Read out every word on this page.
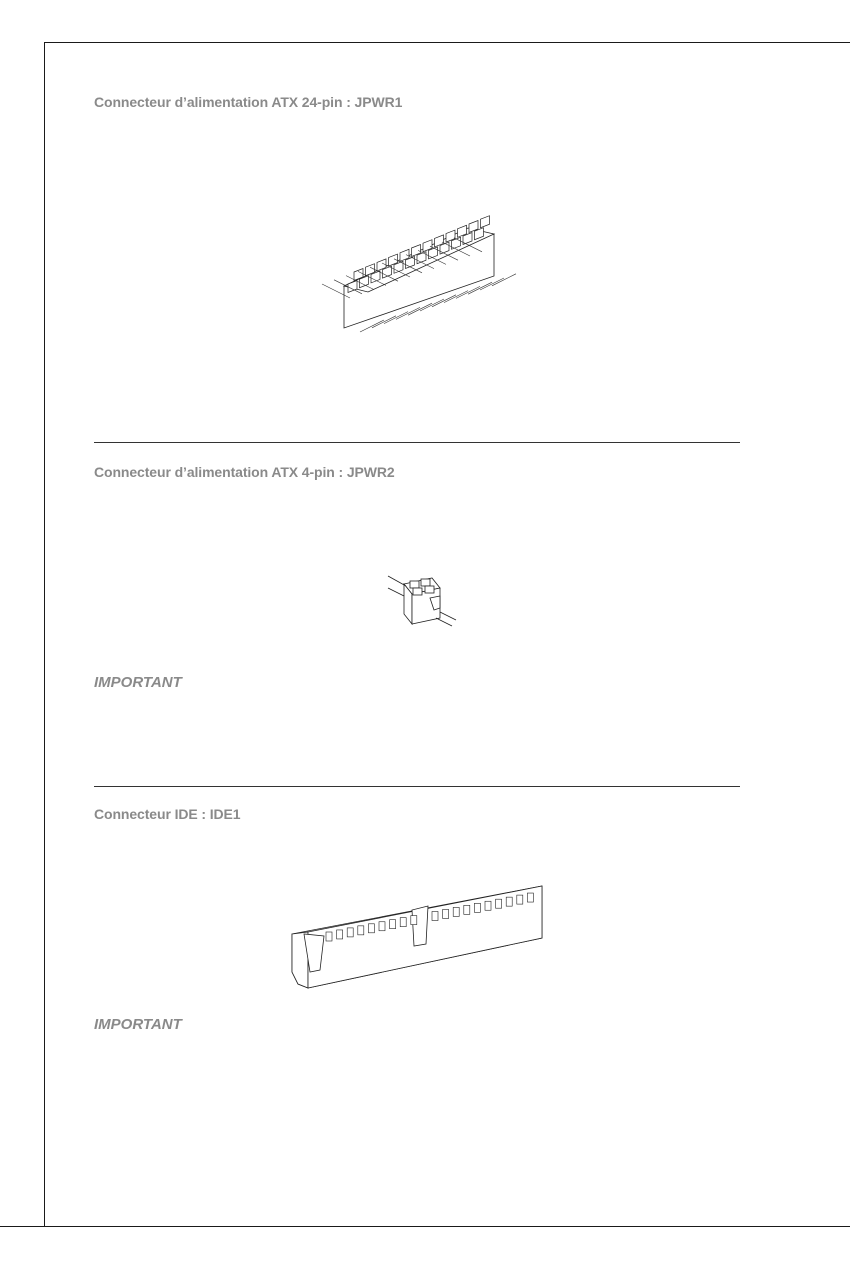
Connecteur d’alimentation ATX 24-pin : JPWR1
Connecteur d’alimentation ATX 4-pin : JPWR2

IMPORTANT

Connecteur IDE : IDE1

IMPORTANT
